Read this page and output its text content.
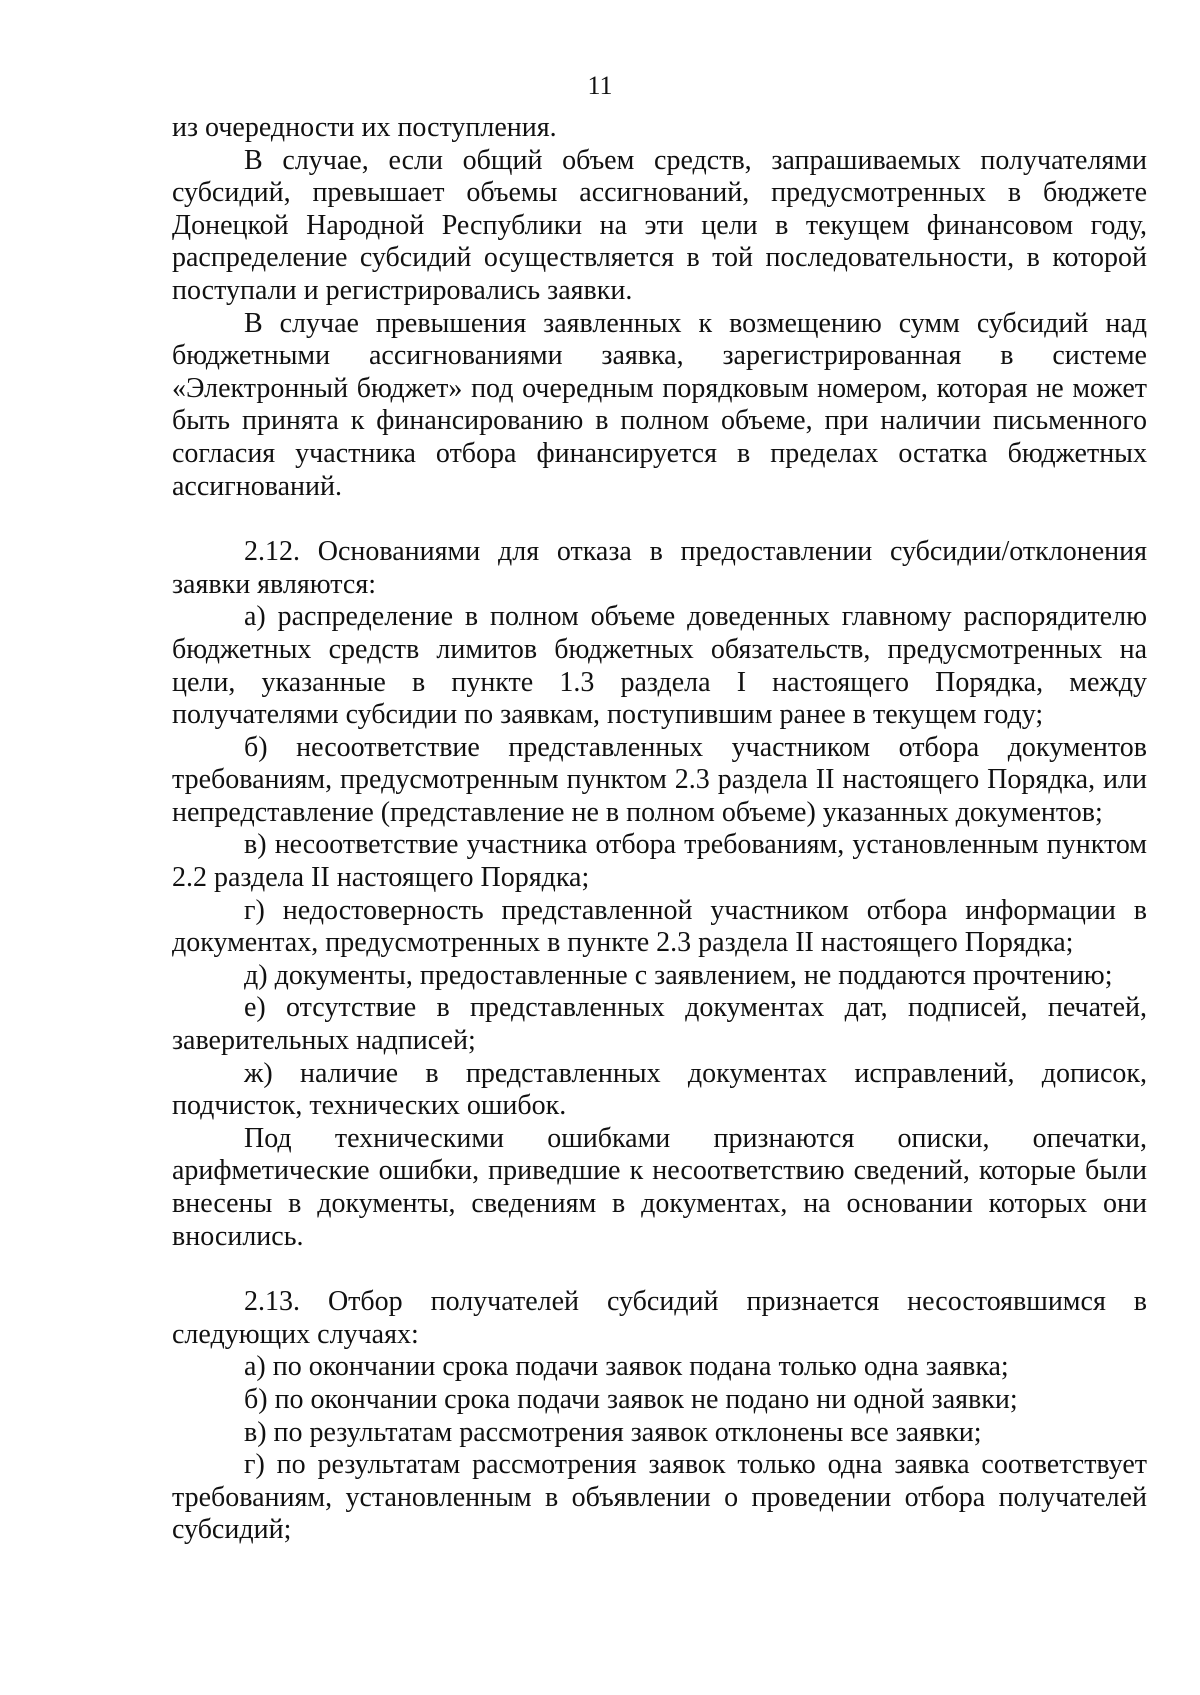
11

из очередности их поступления.

В случае, если общий объем средств, запрашиваемых получателями субсидий, превышает объемы ассигнований, предусмотренных в бюджете Донецкой Народной Республики на эти цели в текущем финансовом году, распределение субсидий осуществляется в той последовательности, в которой поступали и регистрировались заявки.

В случае превышения заявленных к возмещению сумм субсидий над бюджетными ассигнованиями заявка, зарегистрированная в системе «Электронный бюджет» под очередным порядковым номером, которая не может быть принята к финансированию в полном объеме, при наличии письменного согласия участника отбора финансируется в пределах остатка бюджетных ассигнований.

2.12. Основаниями для отказа в предоставлении субсидии/отклонения заявки являются:

а) распределение в полном объеме доведенных главному распорядителю бюджетных средств лимитов бюджетных обязательств, предусмотренных на цели, указанные в пункте 1.3 раздела I настоящего Порядка, между получателями субсидии по заявкам, поступившим ранее в текущем году;

б) несоответствие представленных участником отбора документов требованиям, предусмотренным пунктом 2.3 раздела II настоящего Порядка, или непредставление (представление не в полном объеме) указанных документов;

в) несоответствие участника отбора требованиям, установленным пунктом 2.2 раздела II настоящего Порядка;

г) недостоверность представленной участником отбора информации в документах, предусмотренных в пункте 2.3 раздела II настоящего Порядка;

д) документы, предоставленные с заявлением, не поддаются прочтению;

е) отсутствие в представленных документах дат, подписей, печатей, заверительных надписей;

ж) наличие в представленных документах исправлений, дописок, подчисток, технических ошибок.

Под техническими ошибками признаются описки, опечатки, арифметические ошибки, приведшие к несоответствию сведений, которые были внесены в документы, сведениям в документах, на основании которых они вносились.

2.13. Отбор получателей субсидий признается несостоявшимся в следующих случаях:

а) по окончании срока подачи заявок подана только одна заявка;

б) по окончании срока подачи заявок не подано ни одной заявки;

в) по результатам рассмотрения заявок отклонены все заявки;

г) по результатам рассмотрения заявок только одна заявка соответствует требованиям, установленным в объявлении о проведении отбора получателей субсидий;
